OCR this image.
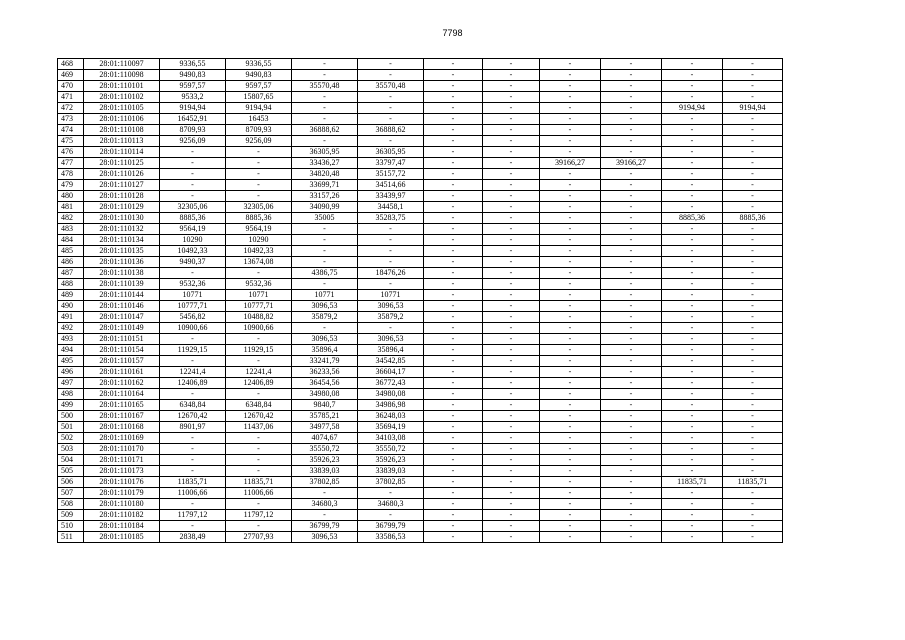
7798
468	28:01:110097	9336,55	9336,55	-	-	-	-	-	-	-	-
469	28:01:110098	9490,83	9490,83	-	-	-	-	-	-	-	-
470	28:01:110101	9597,57	9597,57	35570,48	35570,48	-	-	-	-	-	-
471	28:01:110102	9533,2	15807,65	-	-	-	-	-	-	-	-
472	28:01:110105	9194,94	9194,94	-	-	-	-	-	-	9194,94	9194,94
473	28:01:110106	16452,91	16453	-	-	-	-	-	-	-	-
474	28:01:110108	8709,93	8709,93	36888,62	36888,62	-	-	-	-	-	-
475	28:01:110113	9256,09	9256,09	-	-	-	-	-	-	-	-
476	28:01:110114	-	-	36305,95	36305,95	-	-	-	-	-	-
477	28:01:110125	-	-	33436,27	33797,47	-	-	39166,27	39166,27	-	-
478	28:01:110126	-	-	34820,48	35157,72	-	-	-	-	-	-
479	28:01:110127	-	-	33699,71	34514,66	-	-	-	-	-	-
480	28:01:110128	-	-	33157,26	33439,97	-	-	-	-	-	-
481	28:01:110129	32305,06	32305,06	34090,99	34458,1	-	-	-	-	-	-
482	28:01:110130	8885,36	8885,36	35005	35283,75	-	-	-	-	8885,36	8885,36
483	28:01:110132	9564,19	9564,19	-	-	-	-	-	-	-	-
484	28:01:110134	10290	10290	-	-	-	-	-	-	-	-
485	28:01:110135	10492,33	10492,33	-	-	-	-	-	-	-	-
486	28:01:110136	9490,37	13674,08	-	-	-	-	-	-	-	-
487	28:01:110138	-	-	4386,75	18476,26	-	-	-	-	-	-
488	28:01:110139	9532,36	9532,36	-	-	-	-	-	-	-	-
489	28:01:110144	10771	10771	10771	10771	-	-	-	-	-	-
490	28:01:110146	10777,71	10777,71	3096,53	3096,53	-	-	-	-	-	-
491	28:01:110147	5456,82	10488,82	35879,2	35879,2	-	-	-	-	-	-
492	28:01:110149	10900,66	10900,66	-	-	-	-	-	-	-	-
493	28:01:110151	-	-	3096,53	3096,53	-	-	-	-	-	-
494	28:01:110154	11929,15	11929,15	35896,4	35896,4	-	-	-	-	-	-
495	28:01:110157	-	-	33241,79	34542,85	-	-	-	-	-	-
496	28:01:110161	12241,4	12241,4	36233,56	36604,17	-	-	-	-	-	-
497	28:01:110162	12406,89	12406,89	36454,56	36772,43	-	-	-	-	-	-
498	28:01:110164	-	-	34980,08	34980,08	-	-	-	-	-	-
499	28:01:110165	6348,84	6348,84	9840,7	34986,98	-	-	-	-	-	-
500	28:01:110167	12670,42	12670,42	35785,21	36248,03	-	-	-	-	-	-
501	28:01:110168	8901,97	11437,06	34977,58	35694,19	-	-	-	-	-	-
502	28:01:110169	-	-	4074,67	34103,08	-	-	-	-	-	-
503	28:01:110170	-	-	35550,72	35550,72	-	-	-	-	-	-
504	28:01:110171	-	-	35926,23	35926,23	-	-	-	-	-	-
505	28:01:110173	-	-	33839,03	33839,03	-	-	-	-	-	-
506	28:01:110176	11835,71	11835,71	37802,85	37802,85	-	-	-	-	11835,71	11835,71
507	28:01:110179	11006,66	11006,66	-	-	-	-	-	-	-	-
508	28:01:110180	-	-	34680,3	34680,3	-	-	-	-	-	-
509	28:01:110182	11797,12	11797,12	-	-	-	-	-	-	-	-
510	28:01:110184	-	-	36799,79	36799,79	-	-	-	-	-	-
511	28:01:110185	2838,49	27707,93	3096,53	33586,53	-	-	-	-	-	-
